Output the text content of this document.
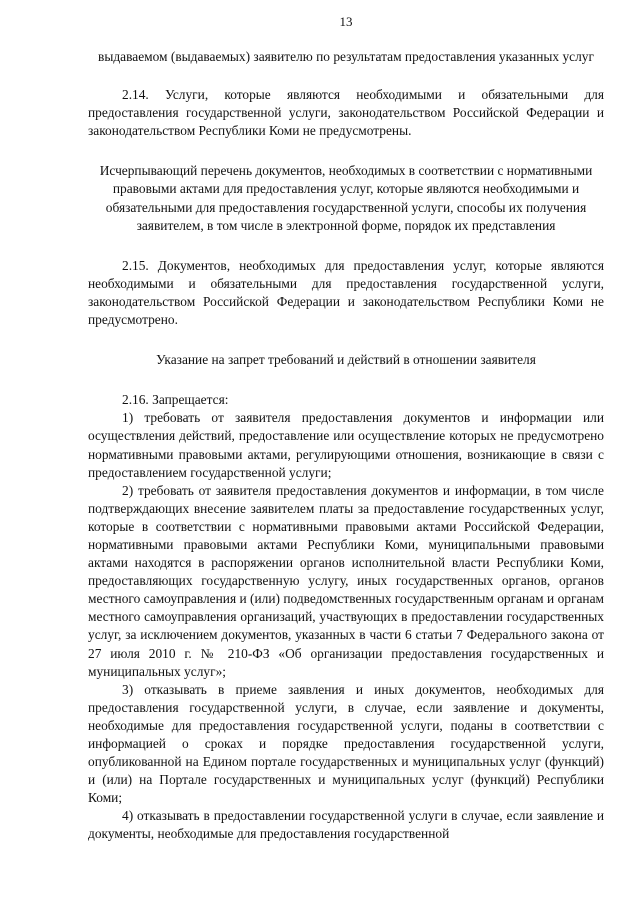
13

выдаваемом (выдаваемых) заявителю по результатам предоставления указанных услуг

2.14. Услуги, которые являются необходимыми и обязательными для предоставления государственной услуги, законодательством Российской Федерации и законодательством Республики Коми не предусмотрены.

Исчерпывающий перечень документов, необходимых в соответствии с нормативными правовыми актами для предоставления услуг, которые являются необходимыми и обязательными для предоставления государственной услуги, способы их получения заявителем, в том числе в электронной форме, порядок их представления

2.15. Документов, необходимых для предоставления услуг, которые являются необходимыми и обязательными для предоставления государственной услуги, законодательством Российской Федерации и законодательством Республики Коми не предусмотрено.

Указание на запрет требований и действий в отношении заявителя

2.16. Запрещается:

1) требовать от заявителя предоставления документов и информации или осуществления действий, предоставление или осуществление которых не предусмотрено нормативными правовыми актами, регулирующими отношения, возникающие в связи с предоставлением государственной услуги;

2) требовать от заявителя предоставления документов и информации, в том числе подтверждающих внесение заявителем платы за предоставление государственных услуг, которые в соответствии с нормативными правовыми актами Российской Федерации, нормативными правовыми актами Республики Коми, муниципальными правовыми актами находятся в распоряжении органов исполнительной власти Республики Коми, предоставляющих государственную услугу, иных государственных органов, органов местного самоуправления и (или) подведомственных государственным органам и органам местного самоуправления организаций, участвующих в предоставлении государственных услуг, за исключением документов, указанных в части 6 статьи 7 Федерального закона от 27 июля 2010 г. № 210-ФЗ «Об организации предоставления государственных и муниципальных услуг»;

3) отказывать в приеме заявления и иных документов, необходимых для предоставления государственной услуги, в случае, если заявление и документы, необходимые для предоставления государственной услуги, поданы в соответствии с информацией о сроках и порядке предоставления государственной услуги, опубликованной на Едином портале государственных и муниципальных услуг (функций) и (или) на Портале государственных и муниципальных услуг (функций) Республики Коми;

4) отказывать в предоставлении государственной услуги в случае, если заявление и документы, необходимые для предоставления государственной
